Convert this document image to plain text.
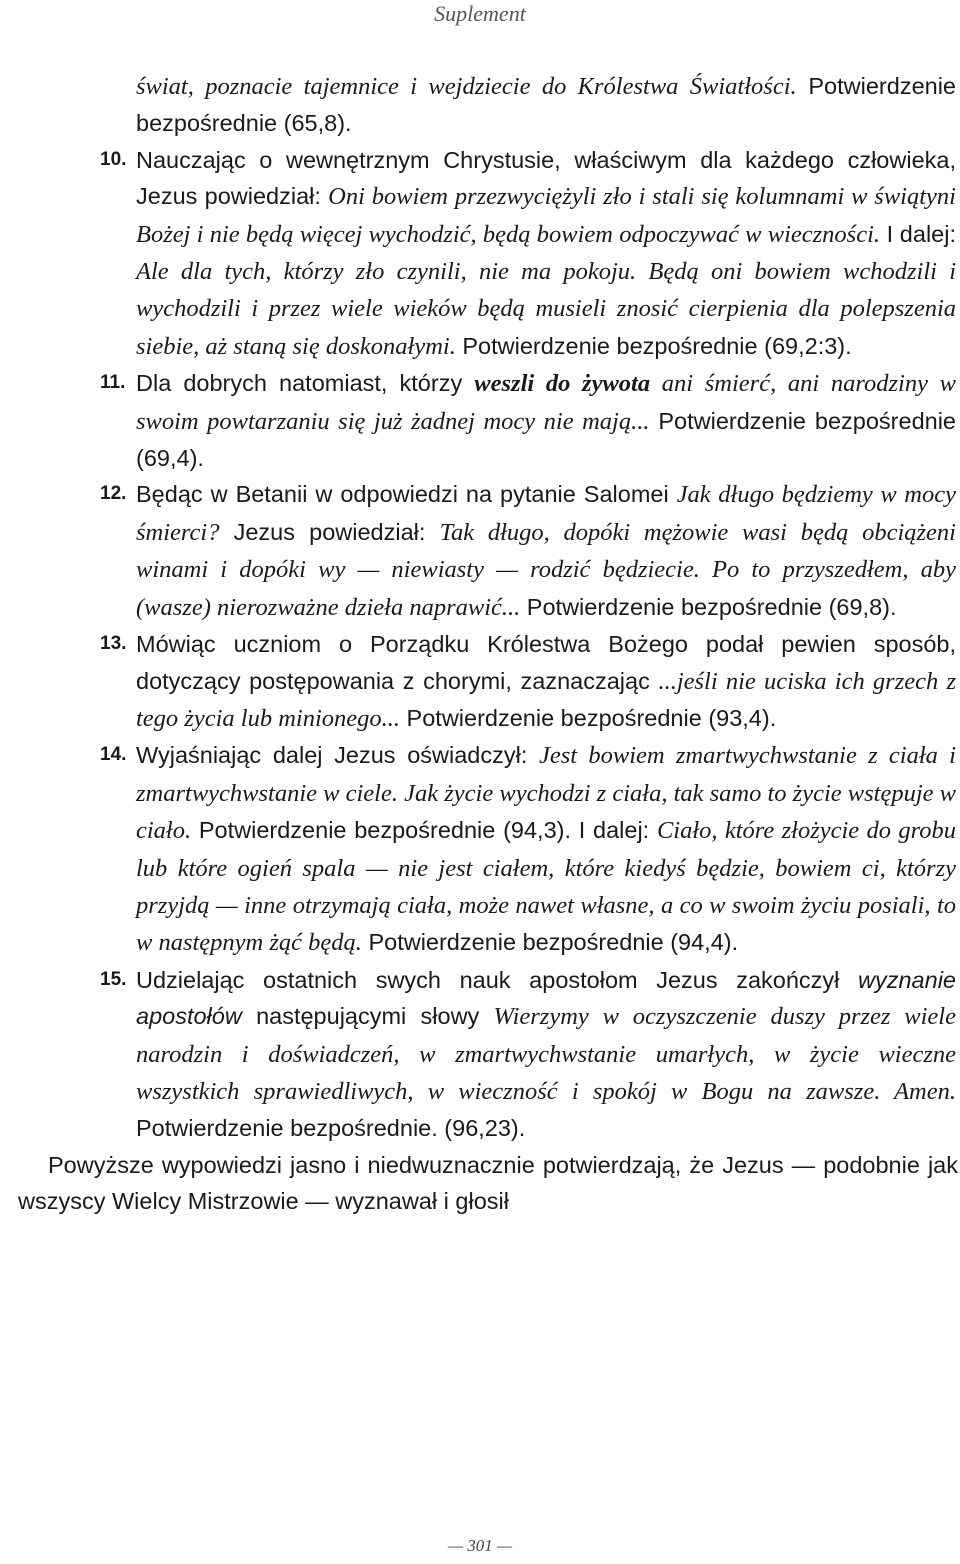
Suplement

świat, poznacie tajemnice i wejdziecie do Królestwa Światłości. Potwierdzenie bezpośrednie (65,8).

10. Nauczając o wewnętrznym Chrystusie, właściwym dla każdego człowieka, Jezus powiedział: Oni bowiem przezwyciężyli zło i stali się kolumnami w świątyni Bożej i nie będą więcej wychodzić, będą bowiem odpoczywać w wieczności. I dalej: Ale dla tych, którzy zło czynili, nie ma pokoju. Będą oni bowiem wchodzili i wychodzili i przez wiele wieków będą musieli znosić cierpienia dla polepszenia siebie, aż staną się doskonałymi. Potwierdzenie bezpośrednie (69,2:3).

11. Dla dobrych natomiast, którzy weszli do żywota ani śmierć, ani narodziny w swoim powtarzaniu się już żadnej mocy nie mają... Potwierdzenie bezpośrednie (69,4).

12. Będąc w Betanii w odpowiedzi na pytanie Salomei Jak długo będziemy w mocy śmierci? Jezus powiedział: Tak długo, dopóki mężowie wasi będą obciążeni winami i dopóki wy — niewiasty — rodzić będziecie. Po to przyszedłem, aby (wasze) nierozważne dzieła naprawić... Potwierdzenie bezpośrednie (69,8).

13. Mówiąc uczniom o Porządku Królestwa Bożego podał pewien sposób, dotyczący postępowania z chorymi, zaznaczając ...jeśli nie uciska ich grzech z tego życia lub minionego... Potwierdzenie bezpośrednie (93,4).

14. Wyjaśniając dalej Jezus oświadczył: Jest bowiem zmartwychwstanie z ciała i zmartwychwstanie w ciele. Jak życie wychodzi z ciała, tak samo to życie wstępuje w ciało. Potwierdzenie bezpośrednie (94,3). I dalej: Ciało, które złożycie do grobu lub które ogień spala — nie jest ciałem, które kiedyś będzie, bowiem ci, którzy przyjdą — inne otrzymają ciała, może nawet własne, a co w swoim życiu posiali, to w następnym żąć będą. Potwierdzenie bezpośrednie (94,4).

15. Udzielając ostatnich swych nauk apostołom Jezus zakończył wyznanie apostołów następującymi słowy Wierzymy w oczyszczenie duszy przez wiele narodzin i doświadczeń, w zmartwychwstanie umarłych, w życie wieczne wszystkich sprawiedliwych, w wieczność i spokój w Bogu na zawsze. Amen. Potwierdzenie bezpośrednie. (96,23).

Powyższe wypowiedzi jasno i niedwuznacznie potwierdzają, że Jezus — podobnie jak wszyscy Wielcy Mistrzowie — wyznawał i głosił

— 301 —
